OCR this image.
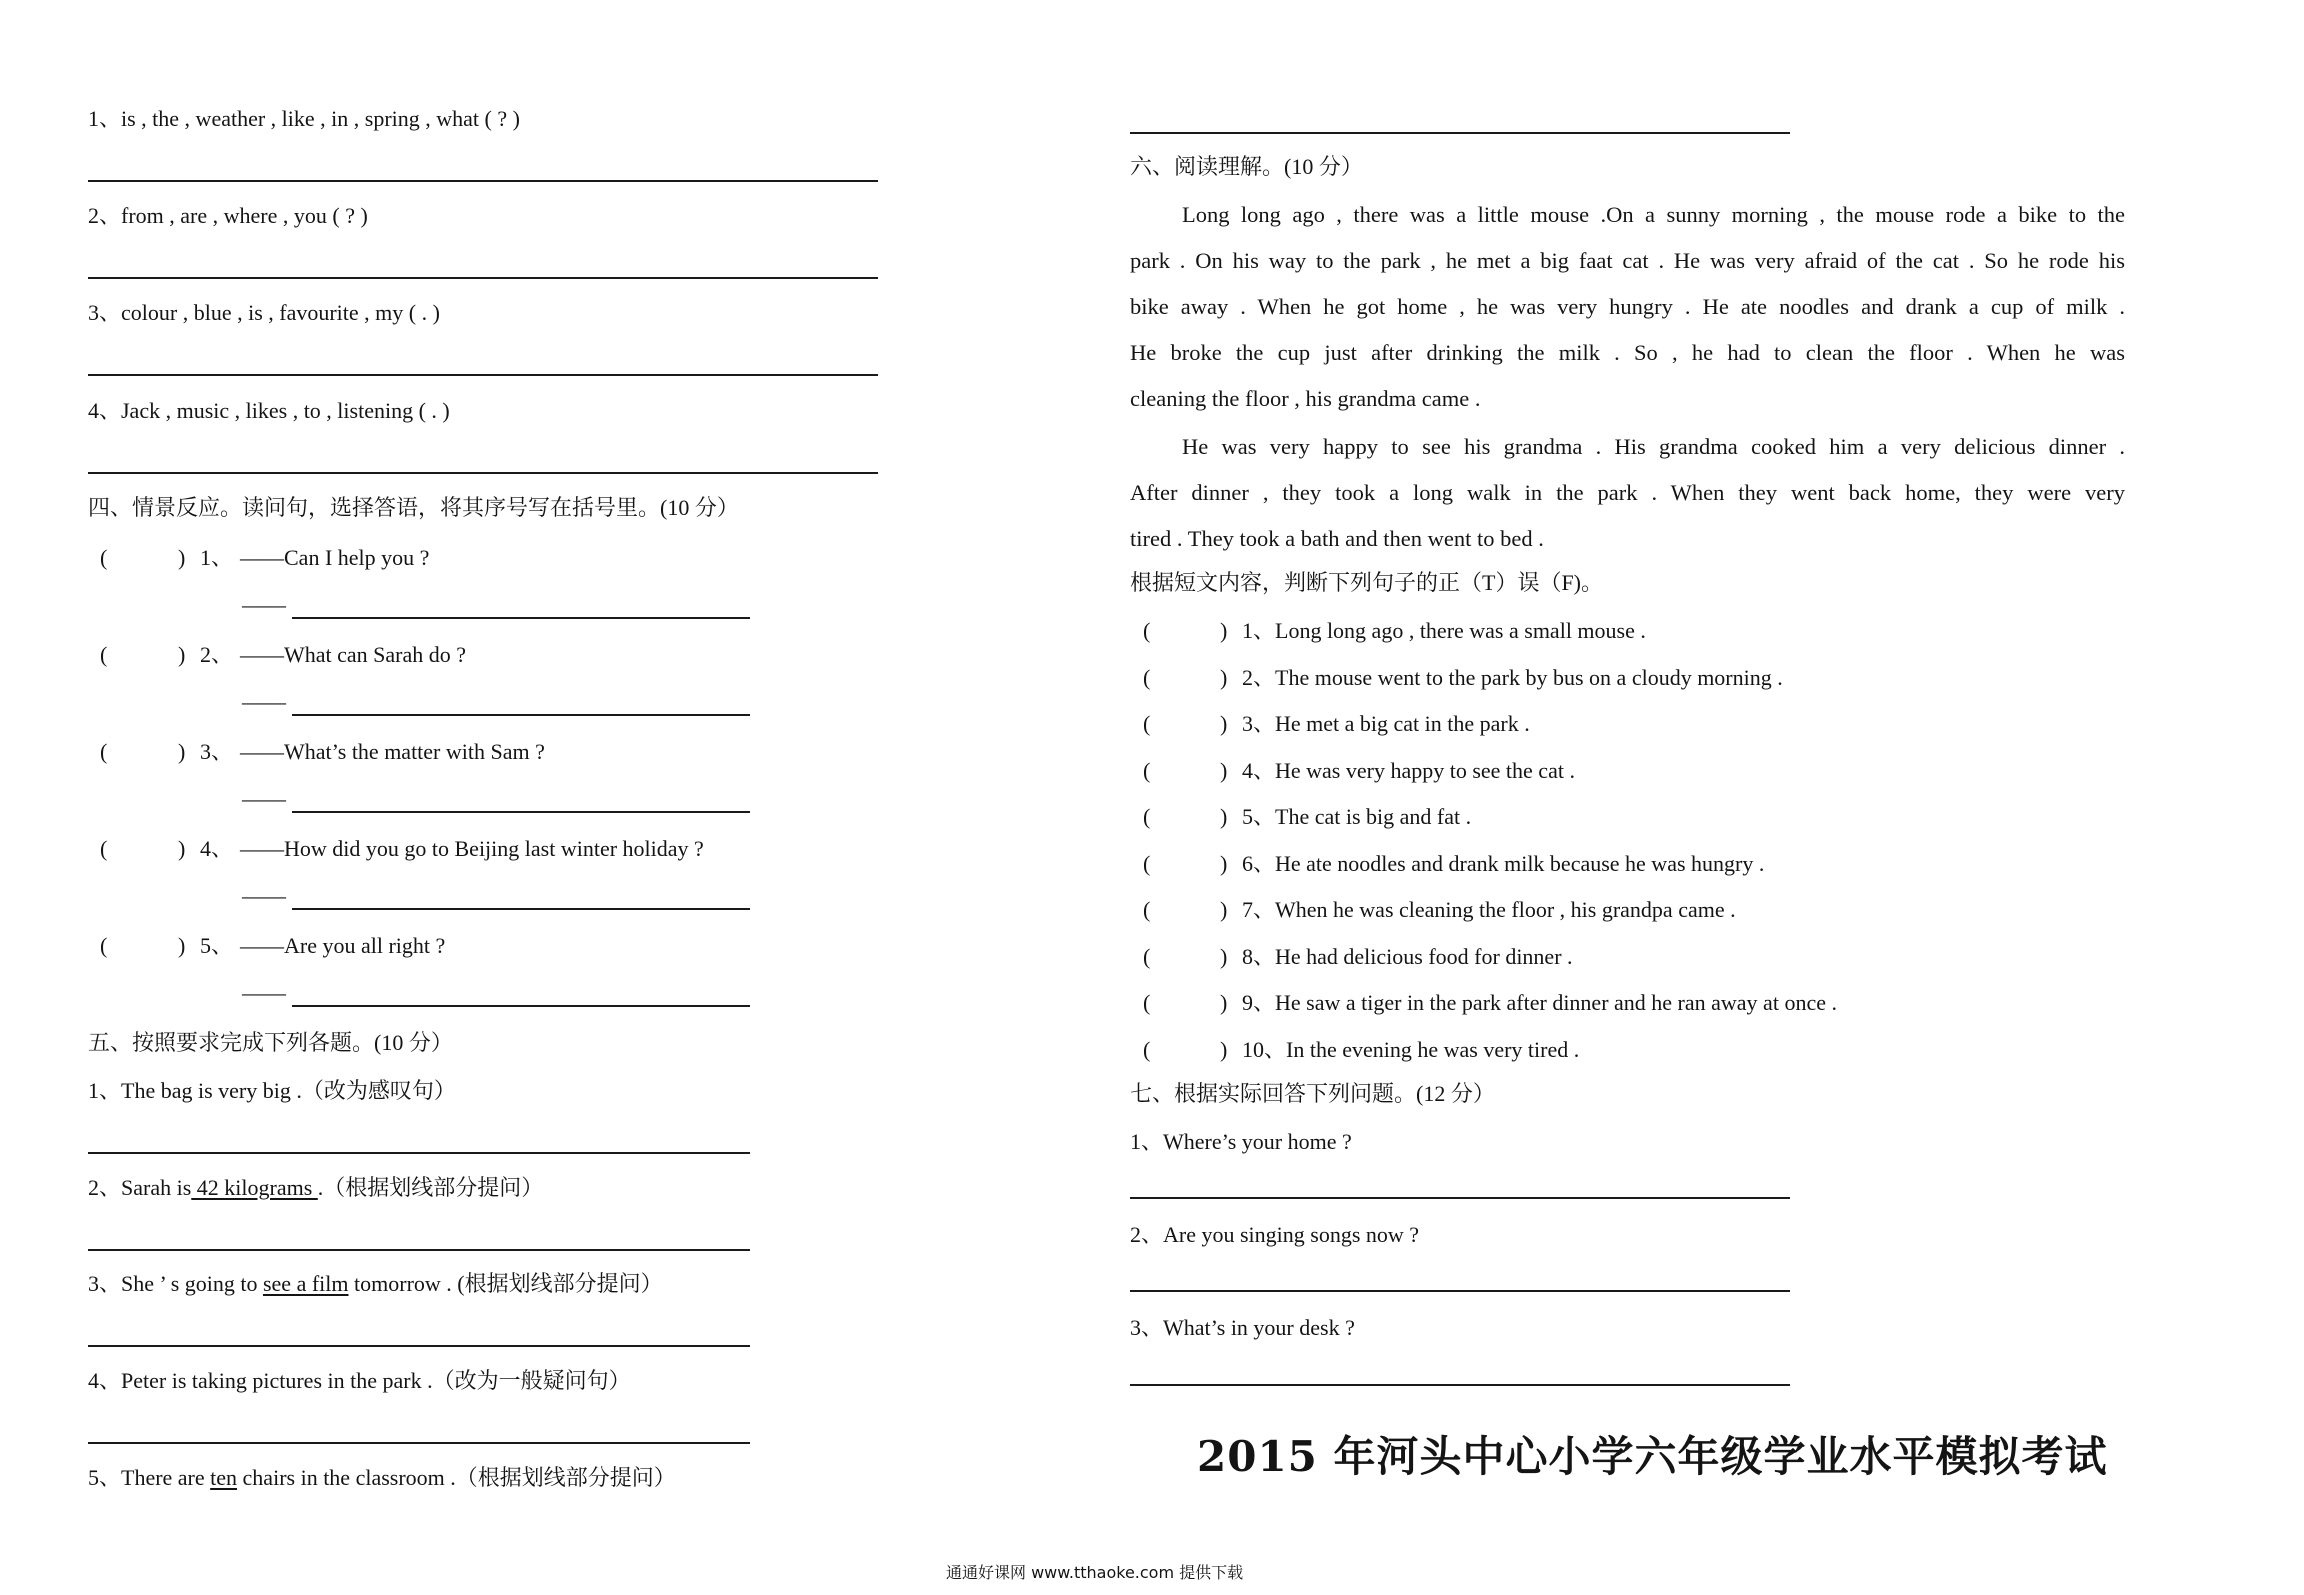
1、is , the , weather , like , in , spring , what ( ? )
2、from , are , where , you ( ? )
3、colour , blue , is , favourite , my ( . )
4、Jack , music , likes , to , listening ( . )
四、情景反应。读问句，选择答语，将其序号写在括号里。(10 分）
(	) 1、 ——Can I help you ?
——
(	) 2、 ——What can Sarah do ?
——
(	) 3、 ——What’s the matter with Sam ?
——
(	) 4、 ——How did you go to Beijing last winter holiday ?
——
(	) 5、 ——Are you all right ?
——
五、按照要求完成下列各题。(10 分）
1、The bag is very big .（改为感叹句）
2、Sarah is 42 kilograms .（根据划线部分提问）
3、She ’ s going to see a film tomorrow . (根据划线部分提问）
4、Peter is taking pictures in the park .（改为一般疑问句）
5、There are ten chairs in the classroom .（根据划线部分提问）
六、阅读理解。(10 分）
Long long ago , there was a little mouse .On a sunny morning , the mouse rode a bike to the
park . On his way to the park , he met a big faat cat . He was very afraid of the cat . So he rode his
bike away . When he got home , he was very hungry . He ate noodles and drank a cup of milk .
He broke the cup just after drinking the milk . So , he had to clean the floor . When he was
cleaning the floor , his grandma came .
He was very happy to see his grandma . His grandma cooked him a very delicious dinner .
After dinner , they took a long walk in the park . When they went back home, they were very
tired . They took a bath and then went to bed .
根据短文内容，判断下列句子的正（T）误（F)。
(	) 1、Long long ago , there was a small mouse .
(	) 2、The mouse went to the park by bus on a cloudy morning .
(	) 3、He met a big cat in the park .
(	) 4、He was very happy to see the cat .
(	) 5、The cat is big and fat .
(	) 6、He ate noodles and drank milk because he was hungry .
(	) 7、When he was cleaning the floor , his grandpa came .
(	) 8、He had delicious food for dinner .
(	) 9、He saw a tiger in the park after dinner and he ran away at once .
(	) 10、In the evening he was very tired .
七、根据实际回答下列问题。(12 分）
1、Where’s your home ?
2、Are you singing songs now ?
3、What’s in your desk ?
2015 年河头中心小学六年级学业水平模拟考试
通通好课网 www.tthaoke.com 提供下载
